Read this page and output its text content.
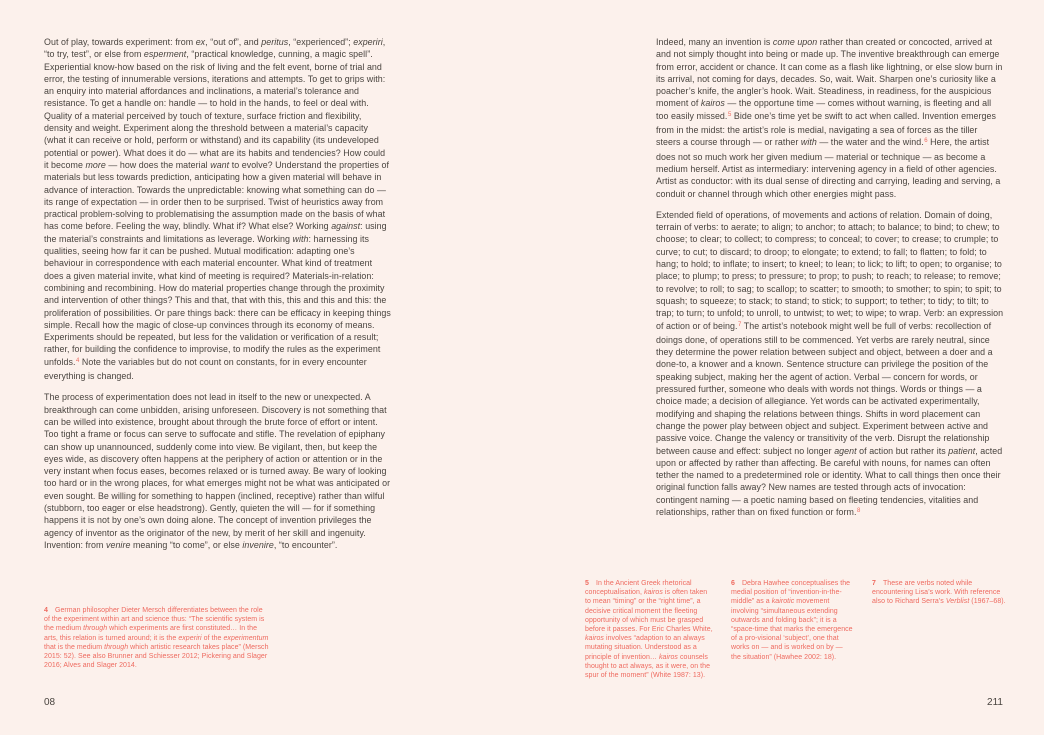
Out of play, towards experiment: from ex, “out of”, and peritus, “experienced”; experiri, “to try, test”, or else from esperment, “practical knowledge, cunning, a magic spell”. Experiential know-how based on the risk of living and the felt event, borne of trial and error, the testing of innumerable versions, iterations and attempts. To get to grips with: an enquiry into material affordances and inclinations, a material’s tolerance and resistance. To get a handle on: handle — to hold in the hands, to feel or deal with. Quality of a material perceived by touch of texture, surface friction and flexibility, density and weight. Experiment along the threshold between a material’s capacity (what it can receive or hold, perform or withstand) and its capability (its undeveloped potential or power). What does it do — what are its habits and tendencies? How could it become more — how does the material want to evolve? Understand the properties of materials but less towards prediction, anticipating how a given material will behave in advance of interaction. Towards the unpredictable: knowing what something can do — its range of expectation — in order then to be surprised. Twist of heuristics away from practical problem-solving to problematising the assumption made on the basis of what has come before. Feeling the way, blindly. What if? What else? Working against: using the material’s constraints and limitations as leverage. Working with: harnessing its qualities, seeing how far it can be pushed. Mutual modification: adapting one’s behaviour in correspondence with each material encounter. What kind of treatment does a given material invite, what kind of meeting is required? Materials-in-relation: combining and recombining. How do material properties change through the proximity and intervention of other things? This and that, that with this, this and this and this: the proliferation of possibilities. Or pare things back: there can be efficacy in keeping things simple. Recall how the magic of close-up convinces through its economy of means. Experiments should be repeated, but less for the validation or verification of a result; rather, for building the confidence to improvise, to modify the rules as the experiment unfolds.$^4$ Note the variables but do not count on constants, for in every encounter everything is changed.

The process of experimentation does not lead in itself to the new or unexpected. A breakthrough can come unbidden, arising unforeseen. Discovery is not something that can be willed into existence, brought about through the brute force of effort or intent. Too tight a frame or focus can serve to suffocate and stifle. The revelation of epiphany can show up unannounced, suddenly come into view. Be vigilant, then, but keep the eyes wide, as discovery often happens at the periphery of action or attention or in the very instant when focus eases, becomes relaxed or is turned away. Be wary of looking too hard or in the wrong places, for what emerges might not be what was anticipated or even sought. Be willing for something to happen (inclined, receptive) rather than wilful (stubborn, too eager or else headstrong). Gently, quieten the will — for if something happens it is not by one’s own doing alone. The concept of invention privileges the agency of inventor as the originator of the new, by merit of her skill and ingenuity. Invention: from venire meaning “to come”, or else invenire, “to encounter”.

4 German philosopher Dieter Mersch differentiates between the role of the experiment within art and science thus: “The scientific system is the medium through which experiments are first constituted… In the arts, this relation is turned around; it is the experiri of the experimentum that is the medium through which artistic research takes place” (Mersch 2015: 52). See also Brunner and Schiesser 2012; Pickering and Slager 2016; Alves and Slager 2014.
08

Indeed, many an invention is come upon rather than created or concocted, arrived at and not simply thought into being or made up. The inventive breakthrough can emerge from error, accident or chance. It can come as a flash like lightning, or else slow burn in its arrival, not coming for days, decades. So, wait. Wait. Sharpen one’s curiosity like a poacher’s knife, the angler’s hook. Wait. Steadiness, in readiness, for the auspicious moment of kairos — the opportune time — comes without warning, is fleeting and all too easily missed.$^5$ Bide one’s time yet be swift to act when called. Invention emerges from in the midst: the artist’s role is medial, navigating a sea of forces as the tiller steers a course through — or rather with — the water and the wind.$^6$ Here, the artist does not so much work her given medium — material or technique — as become a medium herself. Artist as intermediary: intervening agency in a field of other agencies. Artist as conductor: with its dual sense of directing and carrying, leading and serving, a conduit or channel through which other energies might pass.

Extended field of operations, of movements and actions of relation. Domain of doing, terrain of verbs: to aerate; to align; to anchor; to attach; to balance; to bind; to chew; to choose; to clear; to collect; to compress; to conceal; to cover; to crease; to crumple; to curve; to cut; to discard; to droop; to elongate; to extend; to fall; to flatten; to fold; to hang; to hold; to inflate; to insert; to kneel; to lean; to lick; to lift; to open; to organise; to place; to plump; to press; to pressure; to prop; to push; to reach; to release; to remove; to revolve; to roll; to sag; to scallop; to scatter; to smooth; to smother; to spin; to spit; to squash; to squeeze; to stack; to stand; to stick; to support; to tether; to tidy; to tilt; to trap; to turn; to unfold; to unroll, to untwist; to wet; to wipe; to wrap. Verb: an expression of action or of being.$^7$ The artist’s notebook might well be full of verbs: recollection of doings done, of operations still to be commenced. Yet verbs are rarely neutral, since they determine the power relation between subject and object, between a doer and a done-to, a knower and a known. Sentence structure can privilege the position of the speaking subject, making her the agent of action. Verbal — concern for words, or pressured further, someone who deals with words not things. Words or things — a choice made; a decision of allegiance. Yet words can be activated experimentally, modifying and shaping the relations between things. Shifts in word placement can change the power play between object and subject. Experiment between active and passive voice. Change the valency or transitivity of the verb. Disrupt the relationship between cause and effect: subject no longer agent of action but rather its patient, acted upon or affected by rather than affecting. Be careful with nouns, for names can often tether the named to a predetermined role or identity. What to call things then once their original function falls away? New names are tested through acts of invocation: contingent naming — a poetic naming based on fleeting tendencies, vitalities and relationships, rather than on fixed function or form.$^8$

5 In the Ancient Greek rhetorical conceptualisation, kairos is often taken to mean “timing” or the “right time”, a decisive critical moment the fleeting opportunity of which must be grasped before it passes. For Eric Charles White, kairos involves “adaption to an always mutating situation. Understood as a principle of invention… kairos counsels thought to act always, as it were, on the spur of the moment” (White 1987: 13).
6 Debra Hawhee conceptualises the medial position of “invention-in-the-middle” as a kairotic movement involving “simultaneous extending outwards and folding back”; it is a “space-time that marks the emergence of a pro-visional ‘subject’, one that works on — and is worked on by — the situation” (Hawhee 2002: 18).
7 These are verbs noted while encountering Lisa’s work. With reference also to Richard Serra’s Verblist (1967–68).
211
